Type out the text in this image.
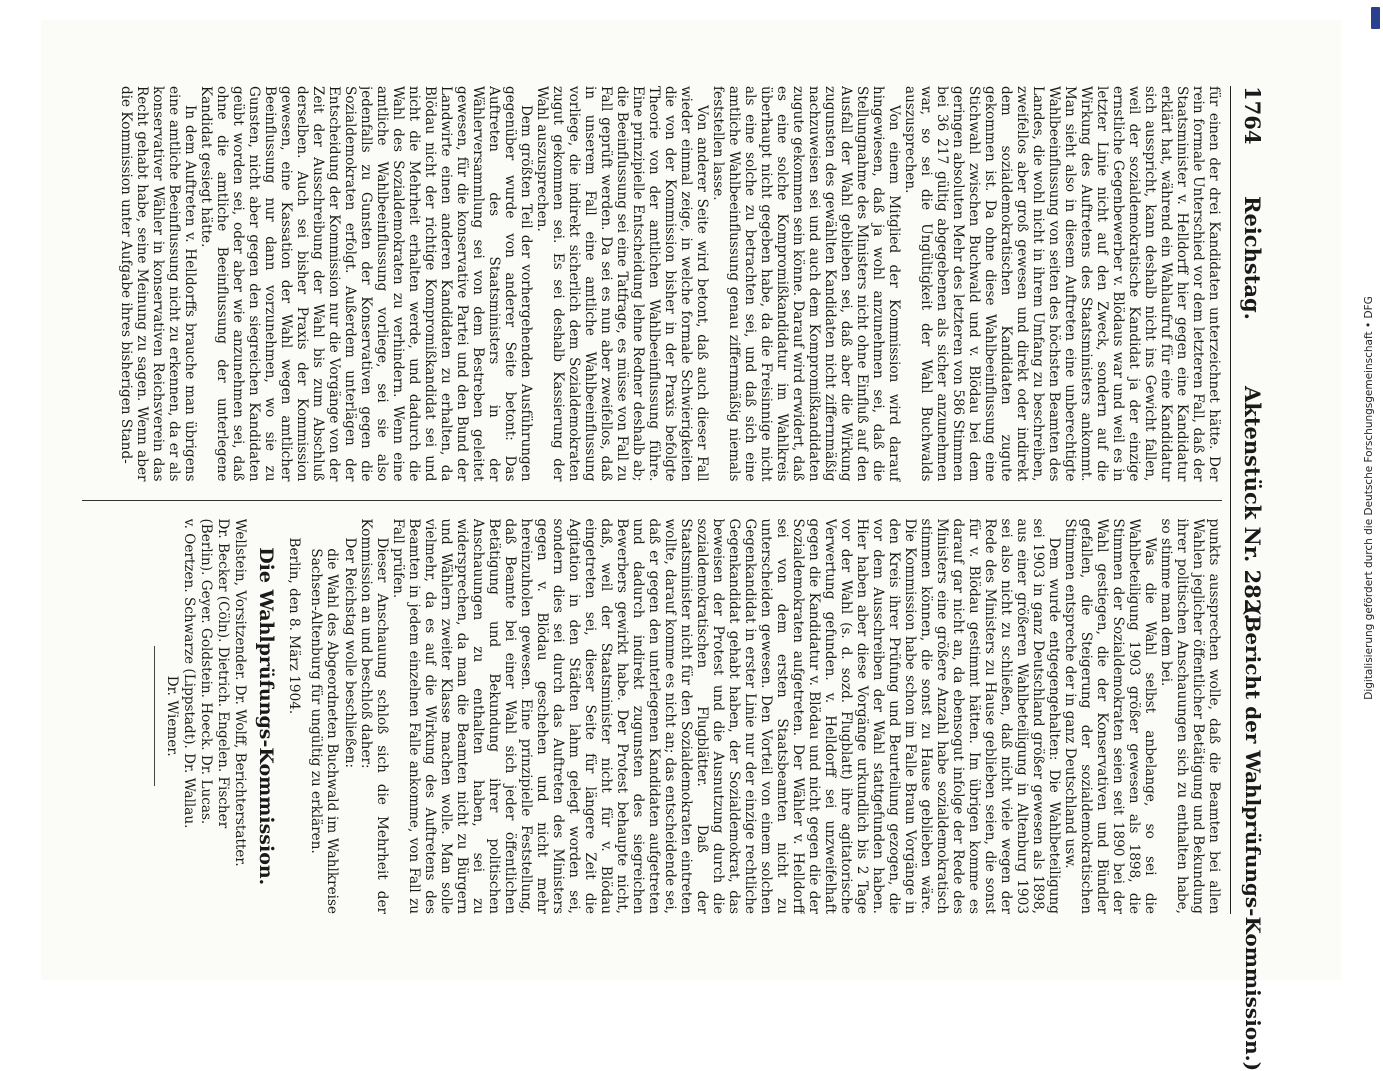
1764
Reichstag.
Aktenstück Nr. 282.
(Bericht der Wahlprüfungs-Kommission.)

für einen der drei Kandidaten unterzeichnet hätte. Der rein formale Unterschied vor dem letzteren Fall, daß der Staatsminister v. Helldorff hier gegen eine Kandidatur erklärt hat, während ein Wahlaufruf für eine Kandidatur sich ausspricht, kann deshalb nicht ins Gewicht fallen, weil der sozialdemokratische Kandidat ja der einzige ernstliche Gegenbewerber v. Blödaus war und weil es in letzter Linie nicht auf den Zweck, sondern auf die Wirkung des Auftretens des Staatsministers ankommt. Man sieht also in diesem Auftreten eine unberechtigte Wahlbeeinflussung von seiten des höchsten Beamten des Landes, die wohl nicht in ihrem Umfang zu beschreiben, zweifellos aber groß gewesen und direkt oder indirekt dem sozialdemokratischen Kandidaten zugute gekommen ist. Da ohne diese Wahlbeeinflussung eine Stichwahl zwischen Buchwald und v. Blödau bei dem geringen absoluten Mehr des letzteren von 586 Stimmen bei 36 217 gültig abgegebenen als sicher anzunehmen war, so sei die Ungültigkeit der Wahl Buchwalds auszusprechen.

Von einem Mitglied der Kommission wird darauf hingewiesen, daß ja wohl anzunehmen sei, daß die Stellungnahme des Ministers nicht ohne Einfluß auf den Ausfall der Wahl geblieben sei, daß aber die Wirkung zugunsten des gewählten Kandidaten nicht ziffernmäßig nachzuweisen sei und auch dem Kompromißkandidaten zugute gekommen sein könne. Darauf wird erwidert, daß es eine solche Kompromißkandidatur im Wahlkreis überhaupt nicht gegeben habe, da die Freisinnige nicht als eine solche zu betrachten sei, und daß sich eine amtliche Wahlbeeinflussung genau ziffernmäßig niemals feststellen lasse.

Von anderer Seite wird betont, daß auch dieser Fall wieder einmal zeige, in welche formale Schwierigkeiten die von der Kommission bisher in der Praxis befolgte Theorie von der amtlichen Wahlbeeinflussung führe. Eine prinzipielle Entscheidung lehne Redner deshalb ab; die Beeinflussung sei eine Tatfrage, es müsse von Fall zu Fall geprüft werden. Da sei es nun aber zweifellos, daß in unserem Fall eine amtliche Wahlbeeinflussung vorliege, die indirekt sicherlich dem Sozialdemokraten zugut gekommen sei. Es sei deshalb Kassierung der Wahl auszusprechen.

Dem größten Teil der vorhergehenden Ausführungen gegenüber wurde von anderer Seite betont: Das Auftreten des Staatsministers in der Wählerversammlung sei von dem Bestreben geleitet gewesen, für die konservative Partei und den Bund der Landwirte einen anderen Kandidaten zu erhalten, da Blödau nicht der richtige Kompromißkandidat sei und nicht die Mehrheit erhalten werde, und dadurch die Wahl des Sozialdemokraten zu verhindern. Wenn eine amtliche Wahlbeeinflussung vorliege, sei sie also jedenfalls zu Gunsten der Konservativen gegen die Sozialdemokraten erfolgt. Außerdem unterlägen der Entscheidung der Kommission nur die Vorgänge von der Zeit der Ausschreibung der Wahl bis zum Abschluß derselben. Auch sei bisher Praxis der Kommission gewesen, eine Kassation der Wahl wegen amtlicher Beeinflussung nur dann vorzunehmen, wo sie zu Gunsten, nicht aber gegen den siegreichen Kandidaten geübt worden sei, oder aber wie anzunehmen sei, daß ohne die amtliche Beeinflussung der unterlegene Kandidat gesiegt hätte.

In dem Auftreten v. Helldorffs brauche man übrigens eine amtliche Beeinflussung nicht zu erkennen, da er als konservativer Wähler in konservativen Reichsverein das Recht gehabt habe, seine Meinung zu sagen. Wenn aber die Kommission unter Aufgabe ihres bisherigen Stand-

punkts aussprechen wolle, daß die Beamten bei allen Wahlen jeglicher öffentlicher Betätigung und Bekundung ihrer politischen Anschauungen sich zu enthalten habe, so stimme man dem bei.

Was die Wahl selbst anbelange, so sei die Wahlbeteiligung 1903 größer gewesen als 1898, die Stimmen der Sozialdemokraten seien seit 1890 bei der Wahl gestiegen, die der Konservativen und Bündler gefallen, die Steigerung der sozialdemokratischen Stimmen entspreche der in ganz Deutschland usw.

Dem wurde entgegengehalten: Die Wahlbeteiligung sei 1903 in ganz Deutschland größer gewesen als 1898, aus einer größeren Wahlbeteiligung in Altenburg 1903 sei also nicht zu schließen, daß nicht viele wegen der Rede des Ministers zu Hause geblieben seien, die sonst für v. Blödau gestimmt hätten. Im übrigen komme es darauf gar nicht an, da ebensogut infolge der Rede des Ministers eine größere Anzahl habe sozialdemokratisch stimmen können, die sonst zu Hause geblieben wäre. Die Kommission habe schon im Falle Braun Vorgänge in den Kreis ihrer Prüfung und Beurteilung gezogen, die vor dem Ausschreiben der Wahl stattgefunden haben. Hier haben aber diese Vorgänge urkundlich bis 2 Tage vor der Wahl (s. d. sozd. Flugblatt) ihre agitatorische Verwertung gefunden. v. Helldorff sei unzweifelhaft gegen die Kandidatur v. Blödau und nicht gegen die der Sozialdemokraten aufgetreten. Der Wähler v. Helldorff sei von dem ersten Staatsbeamten nicht zu unterscheiden gewesen. Den Vorteil von einem solchen Gegenkandidat in erster Linie nur der einzige rechtliche Gegenkandidat gehabt haben, der Sozialdemokrat, das beweisen der Protest und die Ausnutzung durch die sozialdemokratischen Flugblätter. Daß der Staatsminister nicht für den Sozialdemokraten eintreten wollte, darauf komme es nicht an; das entscheidende sei, daß er gegen den unterlegenen Kandidaten aufgetreten und dadurch indirekt zugunsten des siegreichen Bewerbers gewirkt habe. Der Protest behaupte nicht, daß, weil der Staatsminister nicht für v. Blödau eingetreten sei, dieser Seite für längere Zeit die Agitation in den Städten lahm gelegt worden sei, sondern dies sei durch das Auftreten des Ministers gegen v. Blödau geschehen und nicht mehr hereinzuholen gewesen. Eine prinzipielle Feststellung, daß Beamte bei einer Wahl sich jeder öffentlichen Betätigung und Bekundung ihrer politischen Anschauungen zu enthalten haben, sei zu widersprechen, da man die Beamten nicht zu Bürgern und Wählern zweiter Klasse machen wolle. Man solle vielmehr, da es auf die Wirkung des Auftretens des Beamten in jedem einzelnen Falle ankomme, von Fall zu Fall prüfen.

Dieser Anschauung schloß sich die Mehrheit der Kommission an und beschloß daher:

Der Reichstag wolle beschließen:

die Wahl des Abgeordneten Buchwald im Wahlkreise Sachsen-Altenburg für ungültig zu erklären.

Berlin, den 8. März 1904.

Die Wahlprüfungs-Kommission.
Wellstein, Vorsitzender. Dr. Wolff, Berichterstatter.
Dr. Becker (Cöln). Dietrich. Engelen. Fischer
(Berlin). Geyer. Goldstein. Hoeck. Dr. Lucas.
v. Oertzen. Schwarze (Lippstadt). Dr. Wallau.
Dr. Wiemer.
Digitalisierung gefördert durch die Deutsche Forschungsgemeinschaft • DFG
